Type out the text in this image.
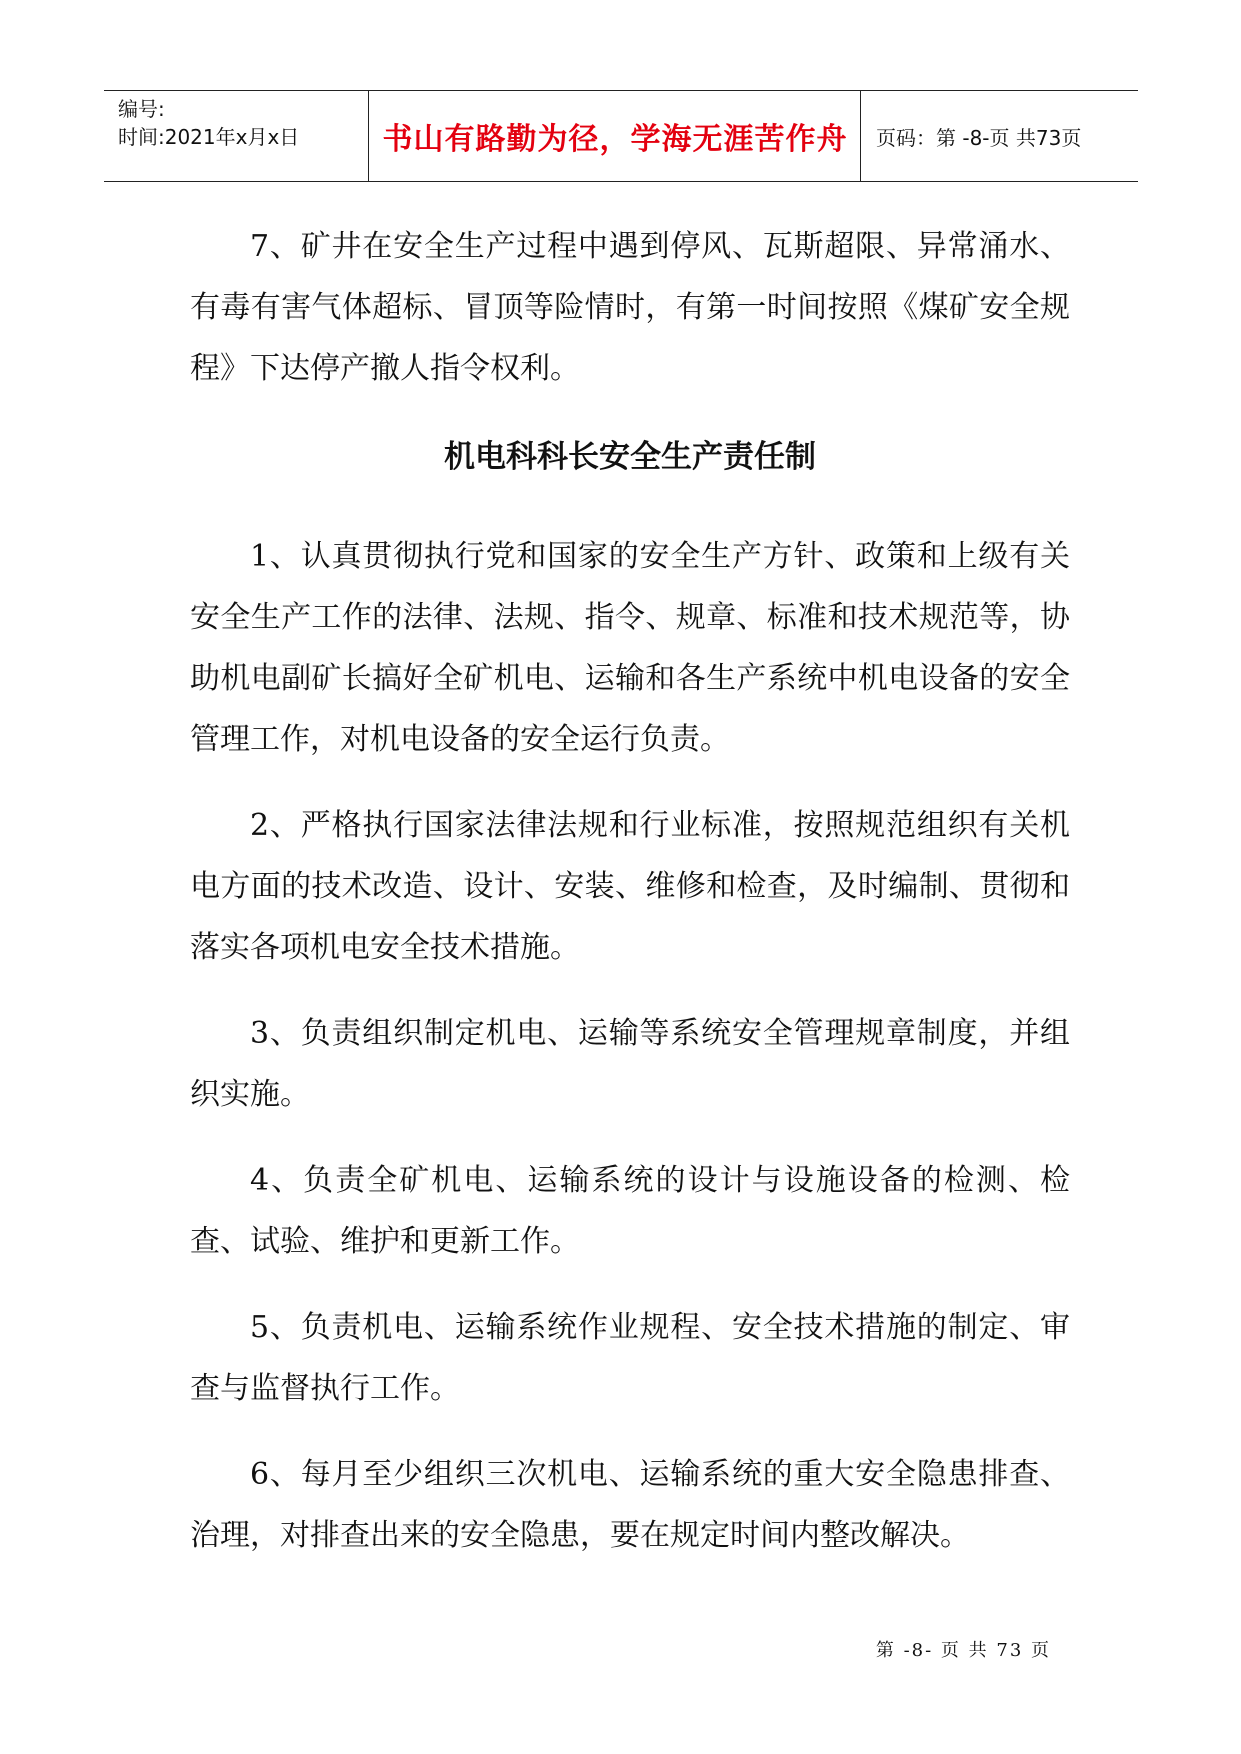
编号:
时间:2021年x月x日	书山有路勤为径，学海无涯苦作舟	页码：第 -8-页 共73页

7、矿井在安全生产过程中遇到停风、瓦斯超限、异常涌水、有毒有害气体超标、冒顶等险情时，有第一时间按照《煤矿安全规程》下达停产撤人指令权利。

机电科科长安全生产责任制

1、认真贯彻执行党和国家的安全生产方针、政策和上级有关安全生产工作的法律、法规、指令、规章、标准和技术规范等，协助机电副矿长搞好全矿机电、运输和各生产系统中机电设备的安全管理工作，对机电设备的安全运行负责。

2、严格执行国家法律法规和行业标准，按照规范组织有关机电方面的技术改造、设计、安装、维修和检查，及时编制、贯彻和落实各项机电安全技术措施。

3、负责组织制定机电、运输等系统安全管理规章制度，并组织实施。

4、负责全矿机电、运输系统的设计与设施设备的检测、检查、试验、维护和更新工作。

5、负责机电、运输系统作业规程、安全技术措施的制定、审查与监督执行工作。

6、每月至少组织三次机电、运输系统的重大安全隐患排查、治理，对排查出来的安全隐患，要在规定时间内整改解决。

第 -8- 页 共 73 页
